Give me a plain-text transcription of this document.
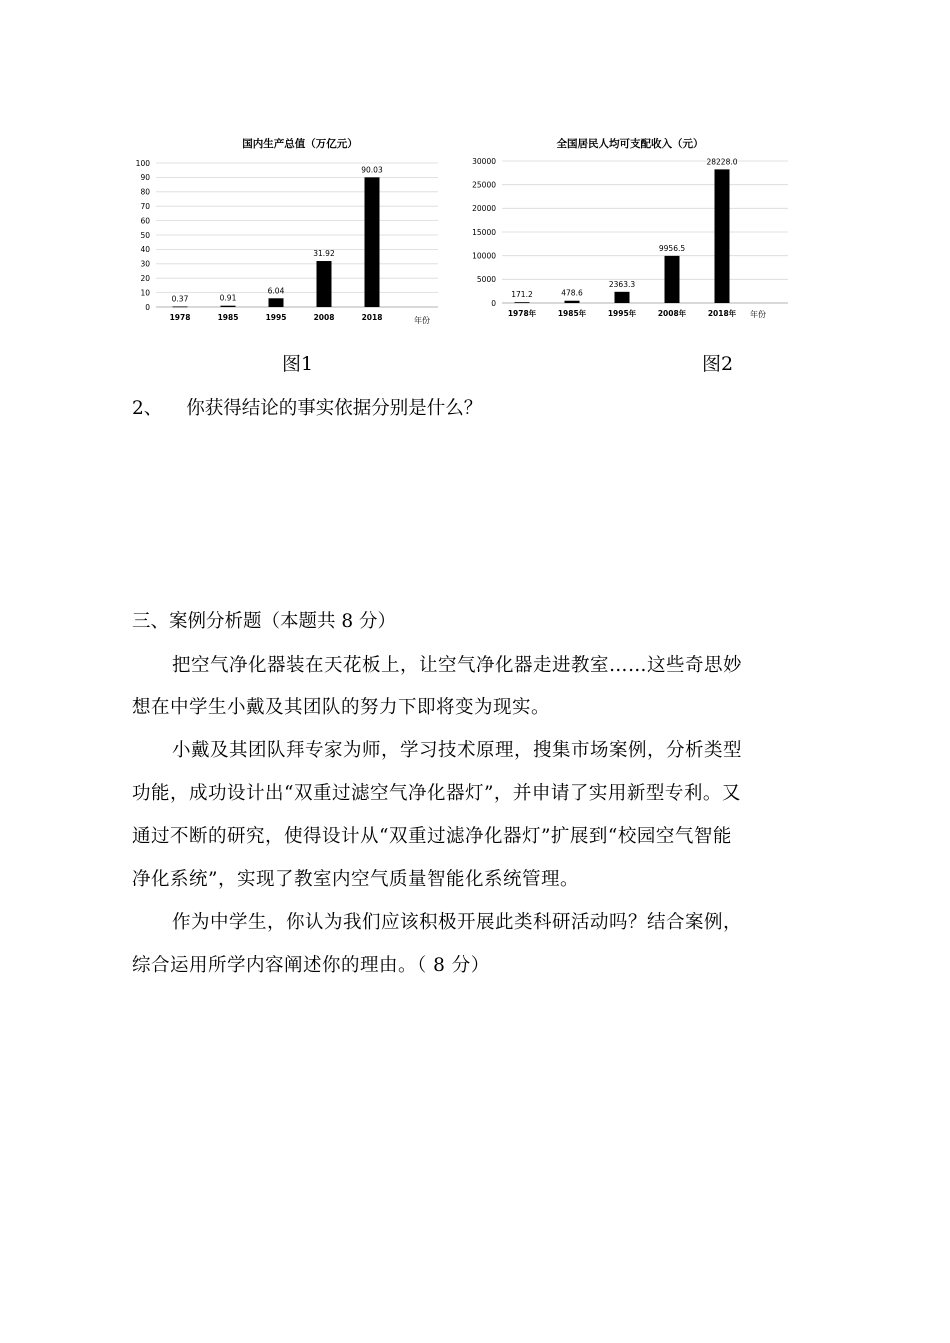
国内生产总值（万亿元）
0
10
20
30
40
50
60
70
80
90
100
0.37	0.91
6.04
31.92
90.03
1978	1985	1995	2008	2018	年份
全国居民人均可支配收入（元）
0
5000
10000
15000
20000
25000
30000
171.2	478.6
2363.3
9956.5
28228.0
1978年	1985年	1995年	2008年	2018年 年份
图1	图2
2、 你获得结论的事实依据分别是什么？
三、案例分析题（本题共 8 分）
把空气净化器装在天花板上，让空气净化器走进教室……这些奇思妙
想在中学生小戴及其团队的努力下即将变为现实。
小戴及其团队拜专家为师，学习技术原理，搜集市场案例，分析类型
功能，成功设计出“双重过滤空气净化器灯”，并申请了实用新型专利。又
通过不断的研究，使得设计从“双重过滤净化器灯”扩展到“校园空气智能
净化系统”，实现了教室内空气质量智能化系统管理。
作为中学生，你认为我们应该积极开展此类科研活动吗？结合案例，
综合运用所学内容阐述你的理由。（ 8 分）
